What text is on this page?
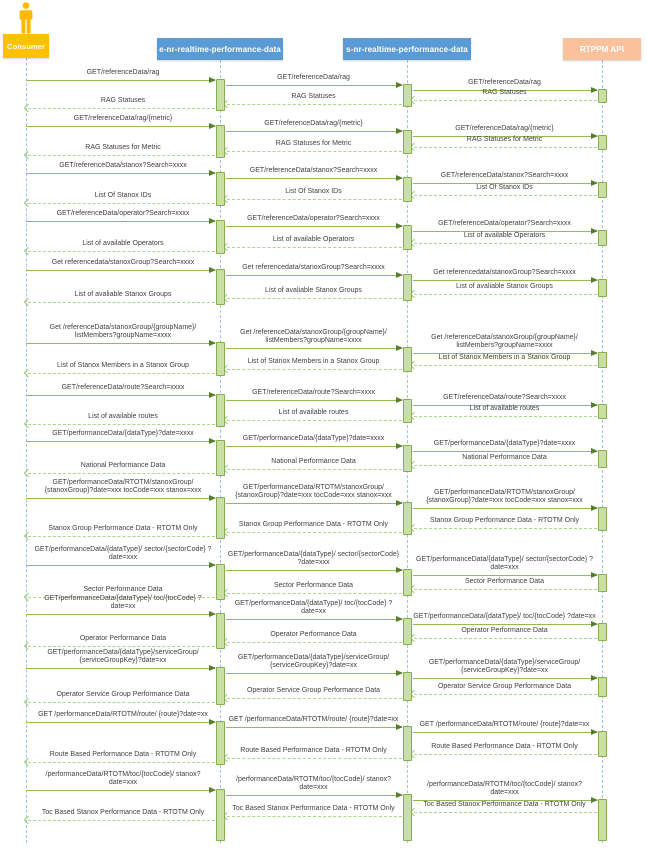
Consumer	e-nr-realtime-performance-data	s-nr-realtime-performance-data	RTPPM API
GET/referenceData/rag
RAG Statuses
GET/referenceData/rag
RAG Statuses
GET/referenceData/rag
RAG Statuses
GET/referenceData/rag/{metric}
RAG Statuses for Metric
GET/referenceData/rag/{metric}
RAG Statuses for Metric
GET/referenceData/rag/{metric}
RAG Statuses for Metric
GET/referenceData/stanox?Search=xxxx
List Of Stanox IDs
GET/referenceData/stanox?Search=xxxx
List Of Stanox IDs
GET/referenceData/stanox?Search=xxxx
List Of Stanox IDs
GET/referenceData/operator?Search=xxxx
List of available Operators
GET/referenceData/operator?Search=xxxx
List of available Operators
GET/referenceData/operator?Search=xxxx
List of available Operators
Get referencedata/stanoxGroup?Search=xxxx
List of avaliable Stanox Groups
Get referencedata/stanoxGroup?Search=xxxx
List of avaliable Stanox Groups
Get referencedata/stanoxGroup?Search=xxxx
List of avaliable Stanox Groups
Get /referenceData/stanoxGroup/{groupName}/ listMembers?groupName=xxxx
List of Stanox Members in a Stanox Group
Get /referenceData/stanoxGroup/{groupName}/ listMembers?groupName=xxxx
List of Stanox Members in a Stanox Group
Get /referenceData/stanoxGroup/{groupName}/ listMembers?groupName=xxxx
List of Stanox Members in a Stanox Group
GET/referenceData/route?Search=xxxx
List of available routes
GET/referenceData/route?Search=xxxx
List of available routes
GET/referenceData/route?Search=xxxx
List of available routes
GET/performanceData/{dataType}?date=xxxx
National Performance Data
GET/performanceData/{dataType}?date=xxxx
National Performance Data
GET/performanceData/{dataType}?date=xxxx
National Performance Data
GET/performanceData/RTOTM/stanoxGroup/ {stanoxGroup}?date=xxx tocCode=xxx stanox=xxx
Stanox Group Performance Data - RTOTM Only
GET/performanceData/RTOTM/stanoxGroup/ {stanoxGroup}?date=xxx tocCode=xxx stanox=xxx
Stanox Group Performance Data - RTOTM Only
GET/performanceData/RTOTM/stanoxGroup/ {stanoxGroup}?date=xxx tocCode=xxx stanox=xxx
Stanox Group Performance Data - RTOTM Only
GET/performanceData/{dataType}/ sector/{sectorCode} ?date=xxx
Sector Performance Data
GET/performanceData/{dataType}/ sector/{sectorCode} ?date=xxx
Sector Performance Data
GET/performanceData/{dataType}/ sector/{sectorCode} ?date=xxx
Sector Performance Data
GET/performanceData/{dataType}/ toc/{tocCode} ?date=xx
Operator Performance Data
GET/performanceData/{dataType}/ toc/{tocCode} ?date=xx
Operator Performance Data
GET/performanceData/{dataType}/ toc/{tocCode} ?date=xx
Operator Performance Data
GET/performanceData/{dataType}/serviceGroup/ {serviceGroupKey}?date=xx
Operator Service Group Performance Data
GET/performanceData/{dataType}/serviceGroup/ {serviceGroupKey}?date=xx
Operator Service Group Performance Data
GET/performanceData/{dataType}/serviceGroup/ {serviceGroupKey}?date=xx
Operator Service Group Performance Data
GET /performanceData/RTOTM/route/ {route}?date=xx
Route Based Performance Data - RTOTM Only
GET /performanceData/RTOTM/route/ {route}?date=xx
Route Based Performance Data - RTOTM Only
GET /performanceData/RTOTM/route/ {route}?date=xx
Route Based Performance Data - RTOTM Only
/performanceData/RTOTM/toc/{tocCode}/ stanox?date=xxx
Toc Based Stanox Performance Data - RTOTM Only
/performanceData/RTOTM/toc/{tocCode}/ stanox?date=xxx
Toc Based Stanox Performance Data - RTOTM Only
/performanceData/RTOTM/toc/{tocCode}/ stanox?date=xxx
Toc Based Stanox Performance Data - RTOTM Only
